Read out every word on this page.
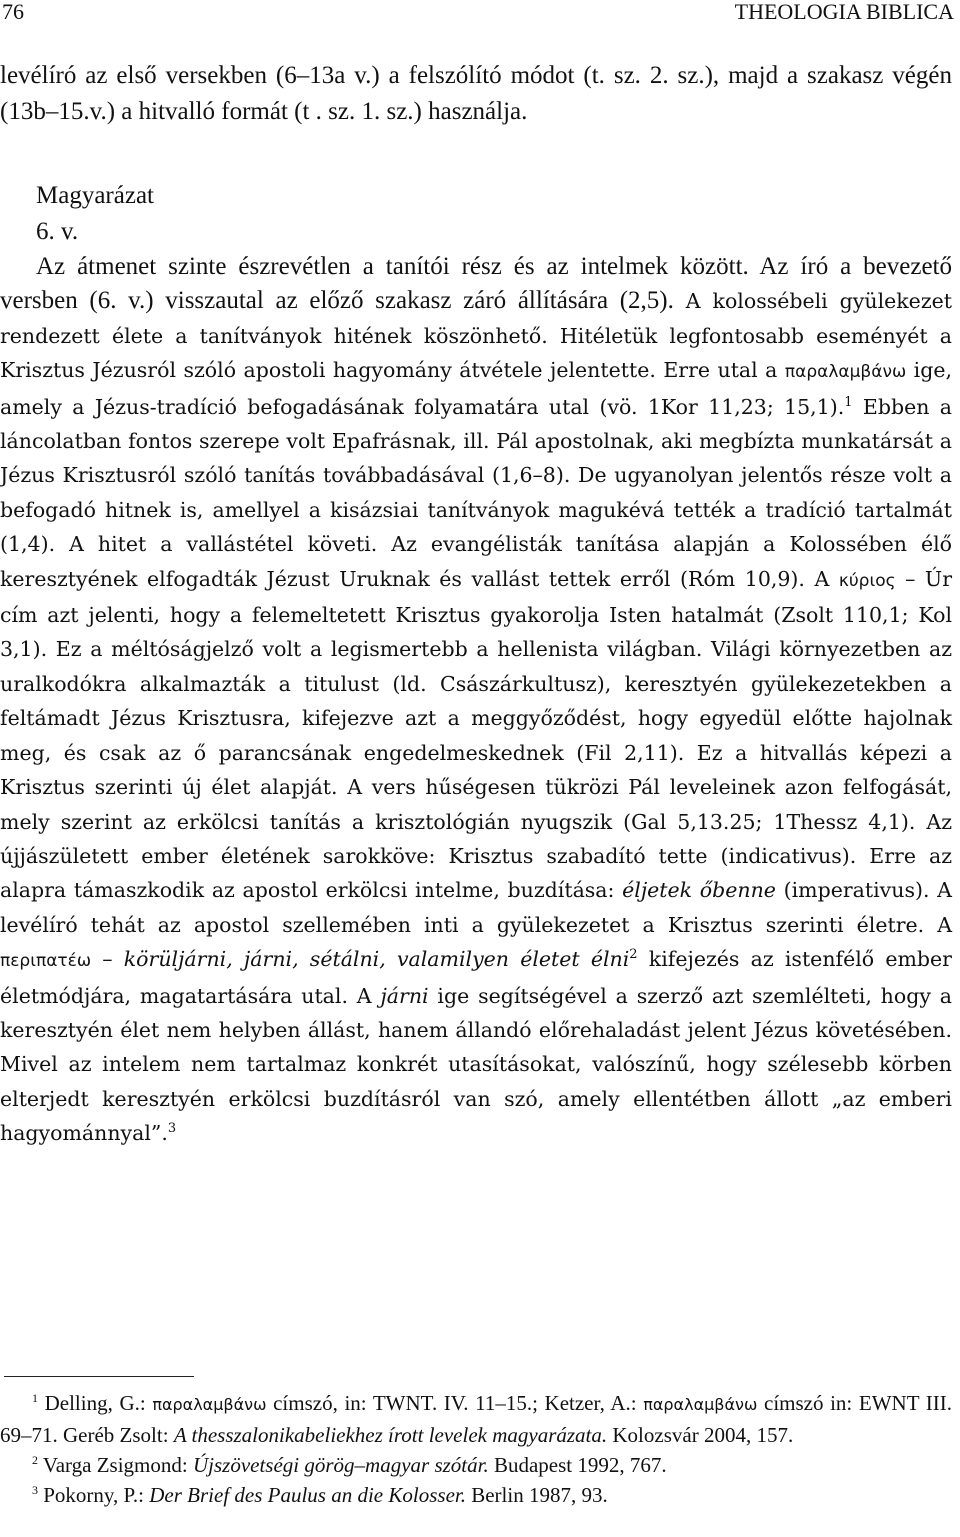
76	THEOLOGIA BIBLICA

levélíró az első versekben (6–13a v.) a felszólító módot (t. sz. 2. sz.), majd a szakasz végén (13b–15.v.) a hitvalló formát (t . sz. 1. sz.) használja.

Magyarázat

6. v.

Az átmenet szinte észrevétlen a tanítói rész és az intelmek között. Az író a bevezető versben (6. v.) visszautal az előző szakasz záró állítására (2,5). A kolossébeli gyülekezet rendezett élete a tanítványok hitének köszönhető. Hitéletük legfontosabb eseményét a Krisztus Jézusról szóló apostoli hagyomány átvétele jelentette. Erre utal a παραλαμβάνω ige, amely a Jézus-tradíció befogadásának folyamatára utal (vö. 1Kor 11,23; 15,1).$^1$ Ebben a láncolatban fontos szerepe volt Epafrásnak, ill. Pál apostolnak, aki megbízta munkatársát a Jézus Krisztusról szóló tanítás továbbadásával (1,6–8). De ugyanolyan jelentős része volt a befogadó hitnek is, amellyel a kisázsiai tanítványok magukévá tették a tradíció tartalmát (1,4). A hitet a vallástétel követi. Az evangélisták tanítása alapján a Kolossében élő keresztyének elfogadták Jézust Uruknak és vallást tettek erről (Róm 10,9). A κύριος – Úr cím azt jelenti, hogy a felemeltetett Krisztus gyakorolja Isten hatalmát (Zsolt 110,1; Kol 3,1). Ez a méltóságjelző volt a legismertebb a hellenista világban. Világi környezetben az uralkodókra alkalmazták a titulust (ld. Császárkultusz), keresztyén gyülekezetekben a feltámadt Jézus Krisztusra, kifejezve azt a meggyőződést, hogy egyedül előtte hajolnak meg, és csak az ő parancsának engedelmeskednek (Fil 2,11). Ez a hitvallás képezi a Krisztus szerinti új élet alapját. A vers hűségesen tükrözi Pál leveleinek azon felfogását, mely szerint az erkölcsi tanítás a krisztológián nyugszik (Gal 5,13.25; 1Thessz 4,1). Az újjászületett ember életének sarokköve: Krisztus szabadító tette (indicativus). Erre az alapra támaszkodik az apostol erkölcsi intelme, buzdítása: éljetek őbenne (imperativus). A levélíró tehát az apostol szellemében inti a gyülekezetet a Krisztus szerinti életre. A περιπατέω – körüljárni, járni, sétálni, valamilyen életet élni$^2$ kifejezés az istenfélő ember életmódjára, magatartására utal. A járni ige segítségével a szerző azt szemlélteti, hogy a keresztyén élet nem helyben állást, hanem állandó előrehaladást jelent Jézus követésében. Mivel az intelem nem tartalmaz konkrét utasításokat, valószínű, hogy szélesebb körben elterjedt keresztyén erkölcsi buzdításról van szó, amely ellentétben állott „az emberi hagyománnyal”.$^3$

$^1$ Delling, G.: παραλαμβάνω címszó, in: TWNT. IV. 11–15.; Ketzer, A.: παραλαμβάνω címszó in: EWNT III. 69–71. Geréb Zsolt: A thesszalonikabeliekhez írott levelek magyarázata. Kolozsvár 2004, 157.

$^2$ Varga Zsigmond: Újszövetségi görög–magyar szótár. Budapest 1992, 767.

$^3$ Pokorny, P.: Der Brief des Paulus an die Kolosser. Berlin 1987, 93.
